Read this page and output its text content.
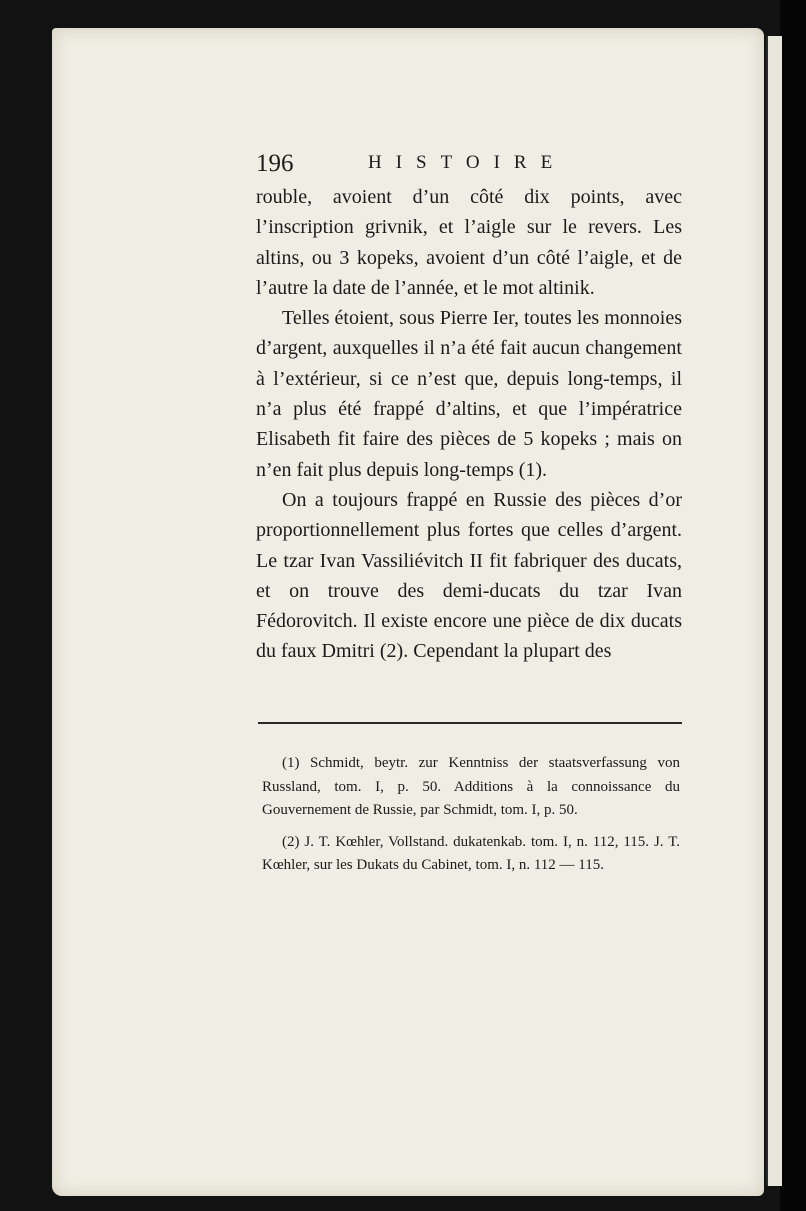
196	HISTOIRE

rouble, avoient d’un côté dix points, avec l’inscription grivnik, et l’aigle sur le revers. Les altins, ou 3 kopeks, avoient d’un côté l’aigle, et de l’autre la date de l’année, et le mot altinik.

Telles étoient, sous Pierre Ier, toutes les monnoies d’argent, auxquelles il n’a été fait aucun changement à l’extérieur, si ce n’est que, depuis long-temps, il n’a plus été frappé d’altins, et que l’impératrice Elisabeth fit faire des pièces de 5 kopeks ; mais on n’en fait plus depuis long-temps (1).

On a toujours frappé en Russie des pièces d’or proportionnellement plus fortes que celles d’argent. Le tzar Ivan Vassiliévitch II fit fabriquer des ducats, et on trouve des demi-ducats du tzar Ivan Fédorovitch. Il existe encore une pièce de dix ducats du faux Dmitri (2). Cependant la plupart des

(1) Schmidt, beytr. zur Kenntniss der staatsverfassung von Russland, tom. I, p. 50. Additions à la connoissance du Gouvernement de Russie, par Schmidt, tom. I, p. 50.

(2) J. T. Kœhler, Vollstand. dukatenkab. tom. I, n. 112, 115. J. T. Kœhler, sur les Dukats du Cabinet, tom. I, n. 112 — 115.
